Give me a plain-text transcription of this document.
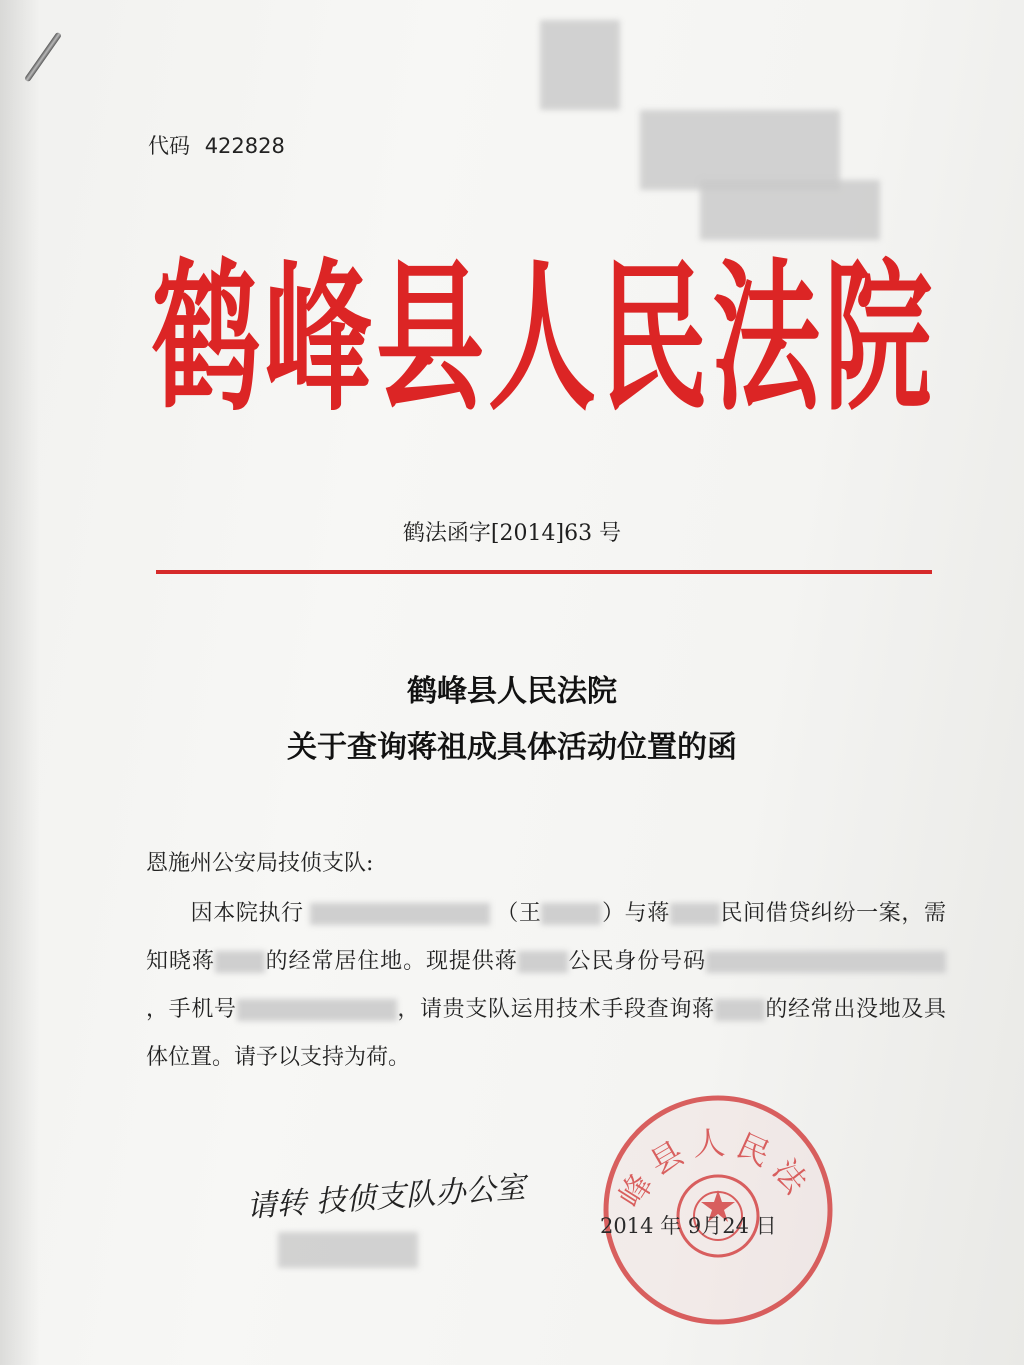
代码 422828
鹤峰县人民法院
鹤法函字[2014]63 号
鹤峰县人民法院
关于查询蒋祖成具体活动位置的函
恩施州公安局技侦支队:
因本院执行	（王	）与蒋 民间借贷纠纷一案，需知晓蒋 的经常居住地。现提供蒋 公民身份号码，手机号	，请贵支队运用技术手段查询蒋 的经常出没地及具体位置。请予以支持为荷。
请转 技侦支队办公室	峰县人民法
2014 年 9月24 日
